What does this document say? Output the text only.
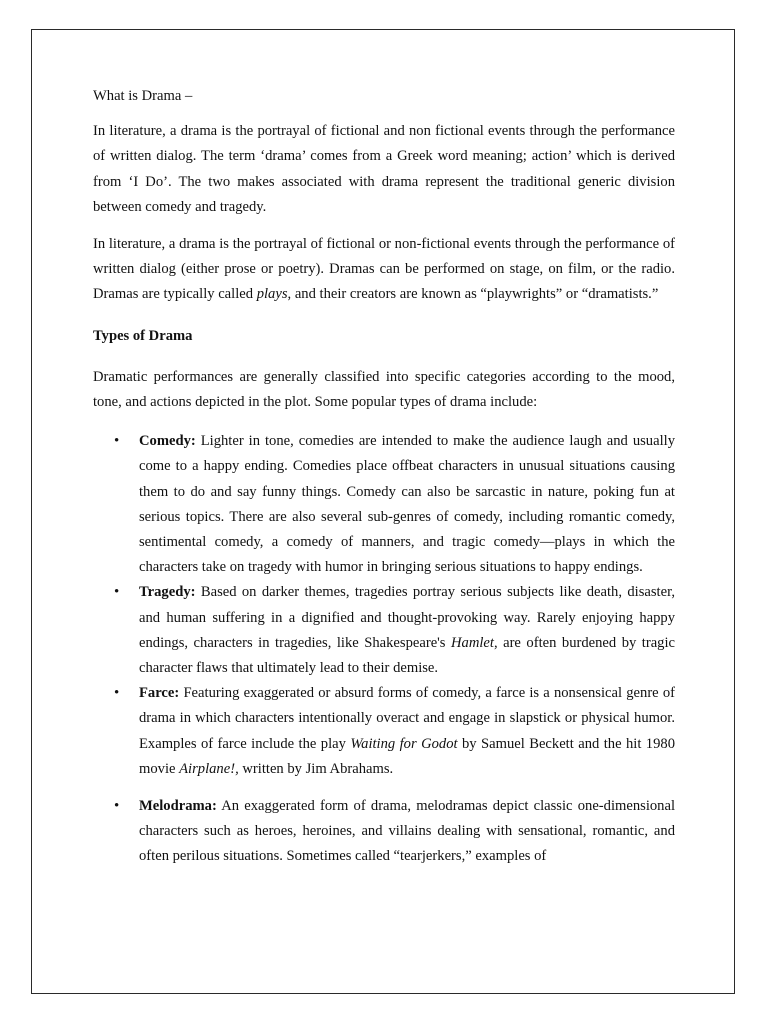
What is Drama –

In literature, a drama is the portrayal of fictional and non fictional events through the performance of written dialog. The term ‘drama’ comes from a Greek word meaning; action’ which is derived from ‘I Do’. The two makes associated with drama represent the traditional generic division between comedy and tragedy.

In literature, a drama is the portrayal of fictional or non-fictional events through the performance of written dialog (either prose or poetry). Dramas can be performed on stage, on film, or the radio. Dramas are typically called plays, and their creators are known as “playwrights” or “dramatists.”

Types of Drama

Dramatic performances are generally classified into specific categories according to the mood, tone, and actions depicted in the plot. Some popular types of drama include:

• Comedy: Lighter in tone, comedies are intended to make the audience laugh and usually come to a happy ending. Comedies place offbeat characters in unusual situations causing them to do and say funny things. Comedy can also be sarcastic in nature, poking fun at serious topics. There are also several sub-genres of comedy, including romantic comedy, sentimental comedy, a comedy of manners, and tragic comedy—plays in which the characters take on tragedy with humor in bringing serious situations to happy endings.
• Tragedy: Based on darker themes, tragedies portray serious subjects like death, disaster, and human suffering in a dignified and thought-provoking way. Rarely enjoying happy endings, characters in tragedies, like Shakespeare's Hamlet, are often burdened by tragic character flaws that ultimately lead to their demise.
• Farce: Featuring exaggerated or absurd forms of comedy, a farce is a nonsensical genre of drama in which characters intentionally overact and engage in slapstick or physical humor. Examples of farce include the play Waiting for Godot by Samuel Beckett and the hit 1980 movie Airplane!, written by Jim Abrahams.
• Melodrama: An exaggerated form of drama, melodramas depict classic one-dimensional characters such as heroes, heroines, and villains dealing with sensational, romantic, and often perilous situations. Sometimes called “tearjerkers,” examples of
